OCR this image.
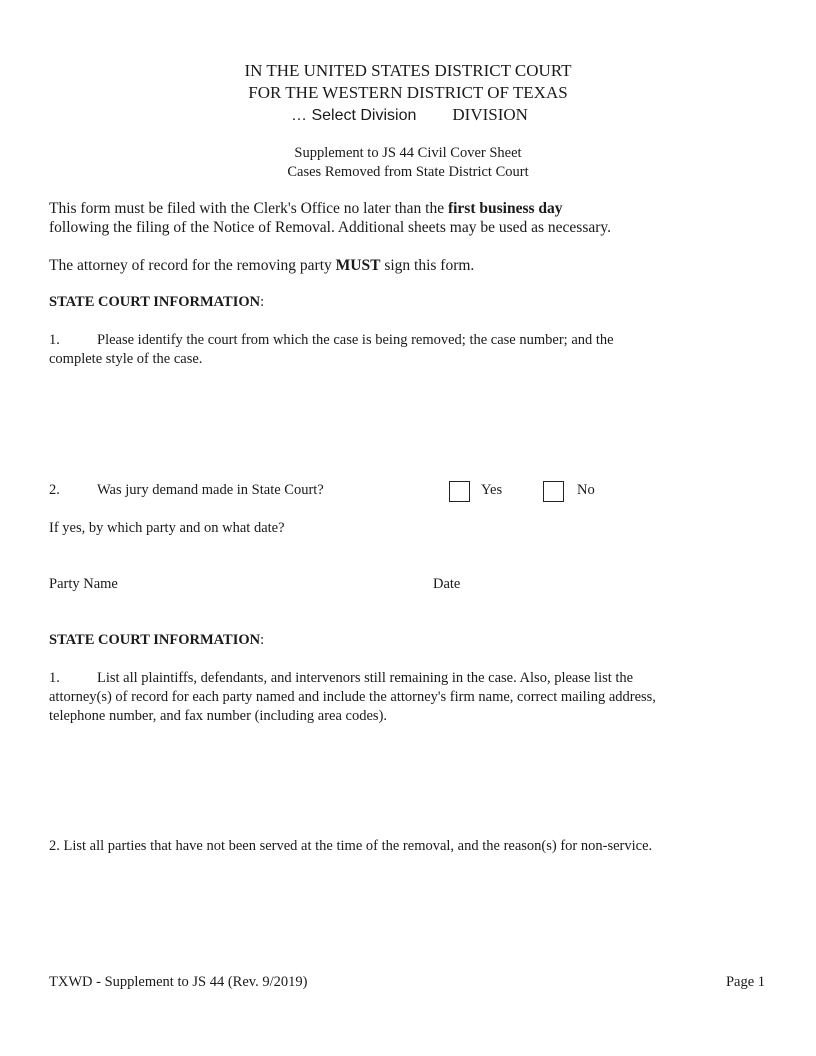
IN THE UNITED STATES DISTRICT COURT
FOR THE WESTERN DISTRICT OF TEXAS
… Select Division DIVISION
Supplement to JS 44 Civil Cover Sheet
Cases Removed from State District Court
This form must be filed with the Clerk's Office no later than the first business day
following the filing of the Notice of Removal. Additional sheets may be used as necessary.
The attorney of record for the removing party MUST sign this form.
STATE COURT INFORMATION:
1.	Please identify the court from which the case is being removed; the case number; and the
complete style of the case.
2.	Was jury demand made in State Court?	Yes	No
If yes, by which party and on what date?
Party Name	Date
STATE COURT INFORMATION:
1.	List all plaintiffs, defendants, and intervenors still remaining in the case. Also, please list the
attorney(s) of record for each party named and include the attorney's firm name, correct mailing address,
telephone number, and fax number (including area codes).
2. List all parties that have not been served at the time of the removal, and the reason(s) for non-service.
TXWD - Supplement to JS 44 (Rev. 9/2019)	Page 1
